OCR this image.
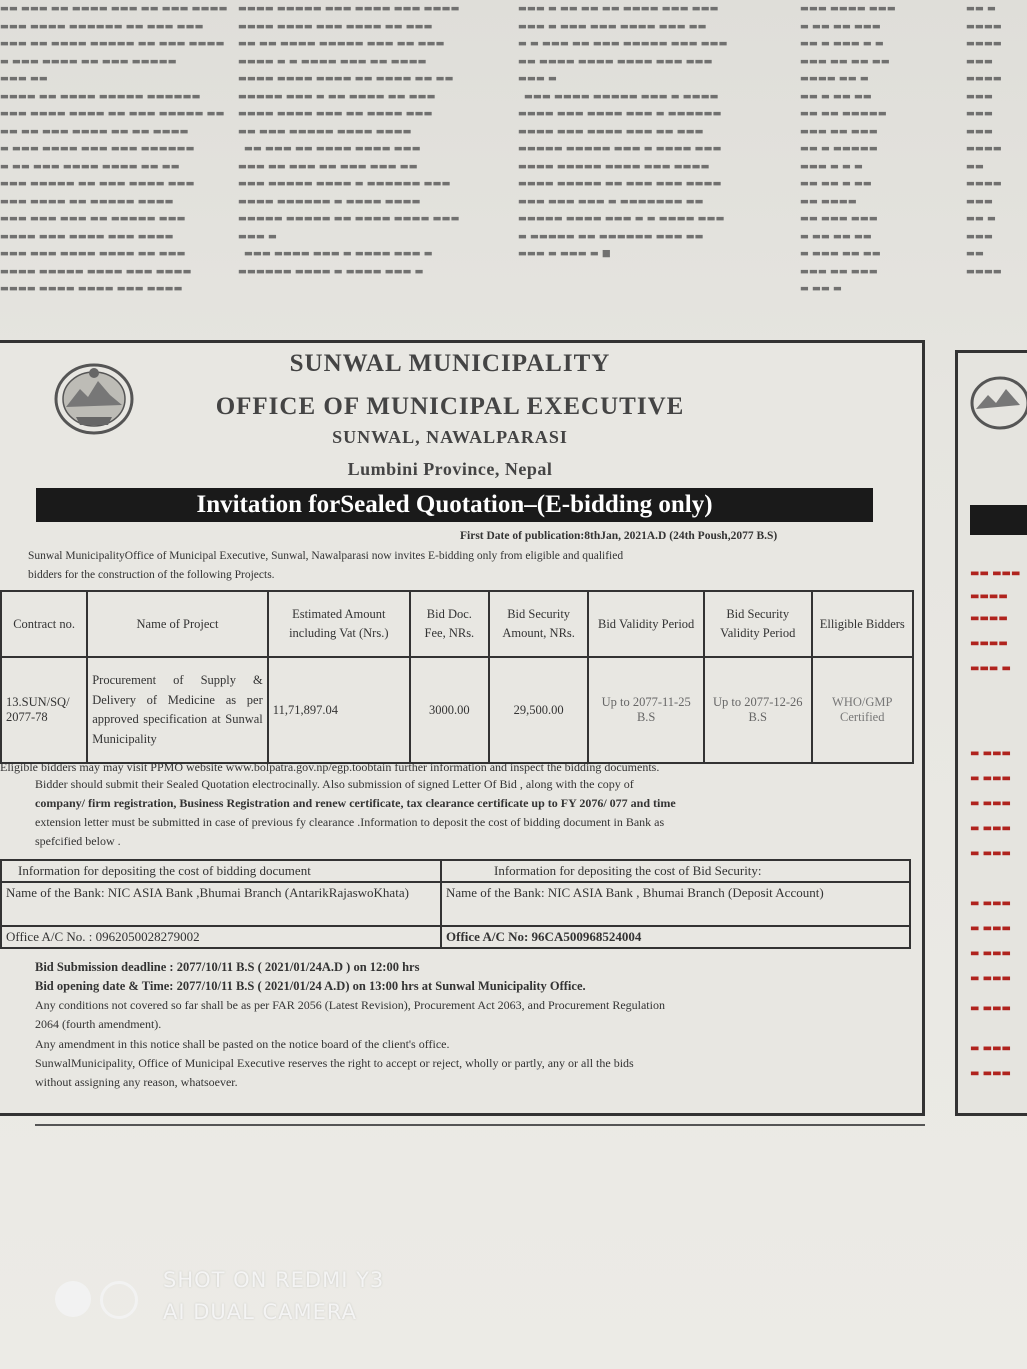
▬▬ ▬▬▬ ▬▬ ▬▬▬▬ ▬▬▬ ▬▬ ▬▬▬ ▬▬▬▬
▬▬▬ ▬▬▬▬ ▬▬▬▬▬▬ ▬▬ ▬▬▬ ▬▬▬
▬▬▬ ▬▬ ▬▬▬▬ ▬▬▬▬▬ ▬▬ ▬▬▬ ▬▬▬▬
▬ ▬▬▬ ▬▬▬▬ ▬▬ ▬▬▬ ▬▬▬▬▬
▬▬▬ ▬▬
▬▬▬▬ ▬▬ ▬▬▬▬ ▬▬▬▬▬ ▬▬▬▬▬▬
▬▬▬ ▬▬▬▬ ▬▬▬▬ ▬▬ ▬▬▬ ▬▬▬▬▬ ▬▬
▬▬ ▬▬ ▬▬▬ ▬▬▬▬ ▬▬ ▬▬ ▬▬▬▬
▬ ▬▬▬ ▬▬▬▬ ▬▬▬ ▬▬▬ ▬▬▬▬▬▬
▬ ▬▬ ▬▬▬ ▬▬▬▬ ▬▬▬▬ ▬▬ ▬▬
▬▬▬ ▬▬▬▬▬ ▬▬ ▬▬▬ ▬▬▬▬ ▬▬▬
▬▬▬ ▬▬▬▬ ▬▬ ▬▬▬▬▬ ▬▬▬▬
▬▬▬ ▬▬▬ ▬▬▬ ▬▬ ▬▬▬▬▬ ▬▬▬
▬▬▬▬ ▬▬▬ ▬▬▬▬ ▬▬▬ ▬▬▬▬
▬▬▬ ▬▬▬ ▬▬▬▬ ▬▬▬▬ ▬▬ ▬▬▬
▬▬▬▬ ▬▬▬▬▬ ▬▬▬▬ ▬▬▬ ▬▬▬▬
▬▬▬▬ ▬▬▬▬ ▬▬▬▬ ▬▬▬ ▬▬▬▬
▬▬▬▬ ▬▬▬▬▬ ▬▬▬ ▬▬▬▬ ▬▬▬ ▬▬▬▬
▬▬▬▬ ▬▬▬▬ ▬▬▬ ▬▬▬▬ ▬▬ ▬▬▬
▬▬ ▬▬ ▬▬▬▬ ▬▬▬▬▬ ▬▬▬ ▬▬ ▬▬▬
▬▬▬▬ ▬ ▬ ▬▬▬▬ ▬▬▬ ▬▬ ▬▬▬▬
▬▬▬▬ ▬▬▬▬ ▬▬▬▬ ▬▬ ▬▬▬▬ ▬▬ ▬▬
▬▬▬▬▬ ▬▬▬ ▬ ▬▬ ▬▬▬▬ ▬▬ ▬▬▬
▬▬▬▬ ▬▬▬▬ ▬▬▬ ▬▬ ▬▬▬▬ ▬▬▬
▬▬ ▬▬▬ ▬▬▬▬▬ ▬▬▬▬ ▬▬▬▬
▬▬ ▬▬▬ ▬▬ ▬▬▬▬ ▬▬▬▬ ▬▬▬
▬▬▬ ▬▬ ▬▬▬ ▬▬ ▬▬▬ ▬▬▬ ▬▬
▬▬▬ ▬▬▬▬▬ ▬▬▬▬ ▬ ▬▬▬▬▬▬ ▬▬▬
▬▬▬▬ ▬▬▬▬▬▬ ▬ ▬▬▬▬ ▬▬▬▬
▬▬▬▬▬ ▬▬▬▬▬ ▬▬ ▬▬▬▬ ▬▬▬▬ ▬▬▬
▬▬▬ ▬
▬▬▬ ▬▬▬▬ ▬▬▬ ▬ ▬▬▬▬ ▬▬▬ ▬
▬▬▬▬▬▬ ▬▬▬▬ ▬ ▬▬▬▬ ▬▬▬ ▬
▬▬▬ ▬ ▬▬ ▬▬ ▬▬ ▬▬▬▬ ▬▬▬ ▬▬▬
▬▬▬ ▬ ▬▬▬ ▬▬▬ ▬▬▬▬ ▬▬▬ ▬▬
▬ ▬ ▬▬▬ ▬▬ ▬▬▬ ▬▬▬▬▬ ▬▬▬ ▬▬▬
▬▬ ▬▬▬▬ ▬▬▬▬ ▬▬▬▬ ▬▬▬ ▬▬▬
▬▬▬ ▬
▬▬▬ ▬▬▬▬ ▬▬▬▬▬ ▬▬▬ ▬ ▬▬▬▬
▬▬▬▬ ▬▬▬ ▬▬▬▬ ▬▬▬ ▬ ▬▬▬▬▬▬
▬▬▬▬ ▬▬▬ ▬▬▬▬ ▬▬▬ ▬▬ ▬▬▬
▬▬▬▬▬ ▬▬▬▬▬ ▬▬▬ ▬ ▬▬▬▬ ▬▬▬
▬▬▬▬ ▬▬▬▬▬ ▬▬▬▬ ▬▬▬ ▬▬▬▬
▬▬▬▬ ▬▬▬▬▬ ▬▬ ▬▬▬ ▬▬▬ ▬▬▬▬
▬▬▬ ▬▬▬ ▬▬▬ ▬ ▬▬▬▬▬▬▬ ▬▬
▬▬▬▬▬ ▬▬▬▬ ▬▬▬ ▬ ▬ ▬▬▬▬ ▬▬▬
▬ ▬▬▬▬▬ ▬▬ ▬▬▬▬▬▬ ▬▬▬ ▬▬
▬▬▬ ▬ ▬▬▬ ▬ ■
▬▬▬ ▬▬▬▬ ▬▬▬
▬ ▬▬ ▬▬ ▬▬▬
▬▬ ▬ ▬▬▬ ▬ ▬
▬▬▬ ▬▬ ▬▬ ▬▬
▬▬▬▬ ▬▬ ▬
▬▬ ▬ ▬▬ ▬▬
▬▬ ▬▬ ▬▬▬▬▬
▬▬▬ ▬▬ ▬▬▬
▬▬ ▬ ▬▬▬▬▬
▬▬▬ ▬ ▬ ▬
▬▬ ▬▬ ▬ ▬▬
▬▬ ▬▬▬▬
▬▬ ▬▬▬ ▬▬▬
▬ ▬▬ ▬▬ ▬▬
▬ ▬▬▬ ▬▬ ▬▬
▬▬▬ ▬▬ ▬▬▬
▬ ▬▬ ▬
▬▬ ▬
▬▬▬▬
▬▬▬▬
▬▬▬
▬▬▬▬
▬▬▬
▬▬▬
▬▬▬
▬▬▬▬
▬▬
▬▬▬▬
▬▬▬
▬▬ ▬
▬▬▬
▬▬
▬▬▬▬
SUNWAL MUNICIPALITY
OFFICE OF MUNICIPAL EXECUTIVE
SUNWAL, NAWALPARASI
Lumbini Province, Nepal
Invitation forSealed Quotation–(E-bidding only)
First Date of publication:8thJan, 2021A.D (24th Poush,2077 B.S)
Sunwal MunicipalityOffice of Municipal Executive, Sunwal, Nawalparasi now invites E-bidding only from eligible and qualified
bidders for the construction of the following Projects.
Contract no.	Name of Project	Estimated Amount including Vat (Nrs.)	Bid Doc. Fee, NRs.	Bid Security Amount, NRs.	Bid Validity Period	Bid Security Validity Period	Elligible Bidders
13.SUN/SQ/ 2077-78	Procurement of Supply & Delivery of Medicine as per approved specification at Sunwal Municipality	11,71,897.04	3000.00	29,500.00	Up to 2077-11-25 B.S	Up to 2077-12-26 B.S	WHO/GMP Certified
Eligible bidders may may visit PPMO website www.bolpatra.gov.np/egp.toobtain further information and inspect the bidding documents.
Bidder should submit their Sealed Quotation electrocinally. Also submission of signed Letter Of Bid , along with the copy of
company/ firm registration, Business Registration and renew certificate, tax clearance certificate up to FY 2076/ 077 and time
extension letter must be submitted in case of previous fy clearance .Information to deposit the cost of bidding document in Bank as
spefcified below .
Information for depositing the cost of bidding document	Information for depositing the cost of Bid Security:
Name of the Bank: NIC ASIA Bank ,Bhumai Branch (AntarikRajaswoKhata)	Name of the Bank: NIC ASIA Bank , Bhumai Branch (Deposit Account)
Office A/C No. : 0962050028279002	Office A/C No: 96CA500968524004
Bid Submission deadline : 2077/10/11 B.S ( 2021/01/24A.D ) on 12:00 hrs
Bid opening date & Time: 2077/10/11 B.S ( 2021/01/24 A.D) on 13:00 hrs at Sunwal Municipality Office.
Any conditions not covered so far shall be as per FAR 2056 (Latest Revision), Procurement Act 2063, and Procurement Regulation
2064 (fourth amendment).
Any amendment in this notice shall be pasted on the notice board of the client's office.
SunwalMunicipality, Office of Municipal Executive reserves the right to accept or reject, wholly or partly, any or all the bids
without assigning any reason, whatsoever.
▬▬ ▬▬▬
▬▬▬▬
▬▬▬▬
▬▬▬▬
▬▬▬ ▬
▬ ▬▬▬
▬ ▬▬▬
▬ ▬▬▬
▬ ▬▬▬
▬ ▬▬▬
▬ ▬▬▬
▬ ▬▬▬
▬ ▬▬▬
▬ ▬▬▬
▬ ▬▬▬
▬ ▬▬▬
▬ ▬▬▬
SHOT ON REDMI Y3
AI DUAL CAMERA
